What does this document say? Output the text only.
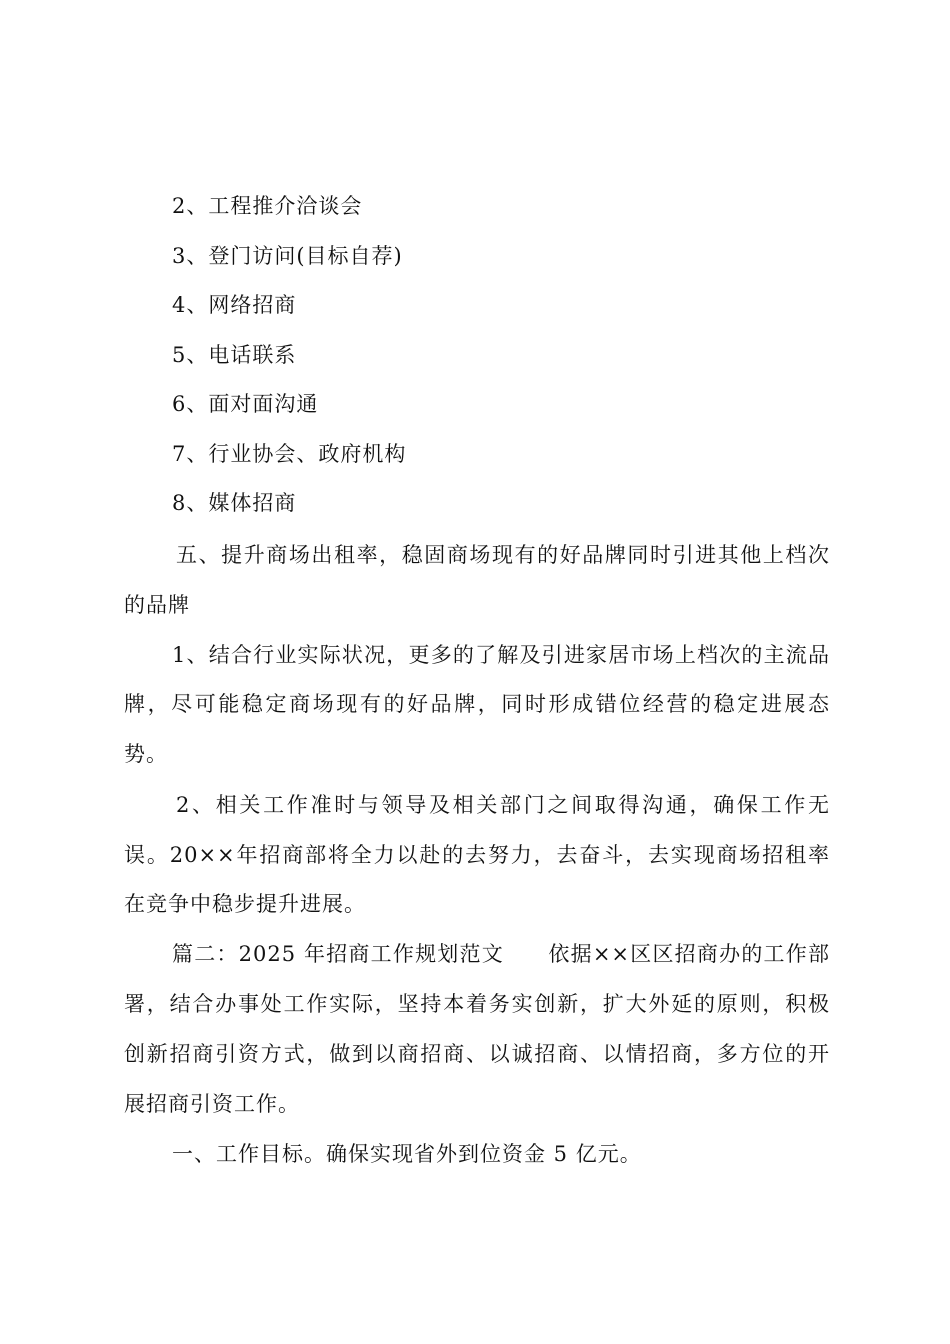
2、工程推介洽谈会
3、登门访问(目标自荐)
4、网络招商
5、电话联系
6、面对面沟通
7、行业协会、政府机构
8、媒体招商
五、提升商场出租率，稳固商场现有的好品牌同时引进其他上档次
的品牌
1、结合行业实际状况，更多的了解及引进家居市场上档次的主流品
牌，尽可能稳定商场现有的好品牌，同时形成错位经营的稳定进展态
势。
2、相关工作准时与领导及相关部门之间取得沟通，确保工作无
误。20××年招商部将全力以赴的去努力，去奋斗，去实现商场招租率
在竞争中稳步提升进展。
篇二：2025 年招商工作规划范文　　依据××区区招商办的工作部
署，结合办事处工作实际，坚持本着务实创新，扩大外延的原则，积极
创新招商引资方式，做到以商招商、以诚招商、以情招商，多方位的开
展招商引资工作。
一、工作目标。确保实现省外到位资金 5 亿元。
